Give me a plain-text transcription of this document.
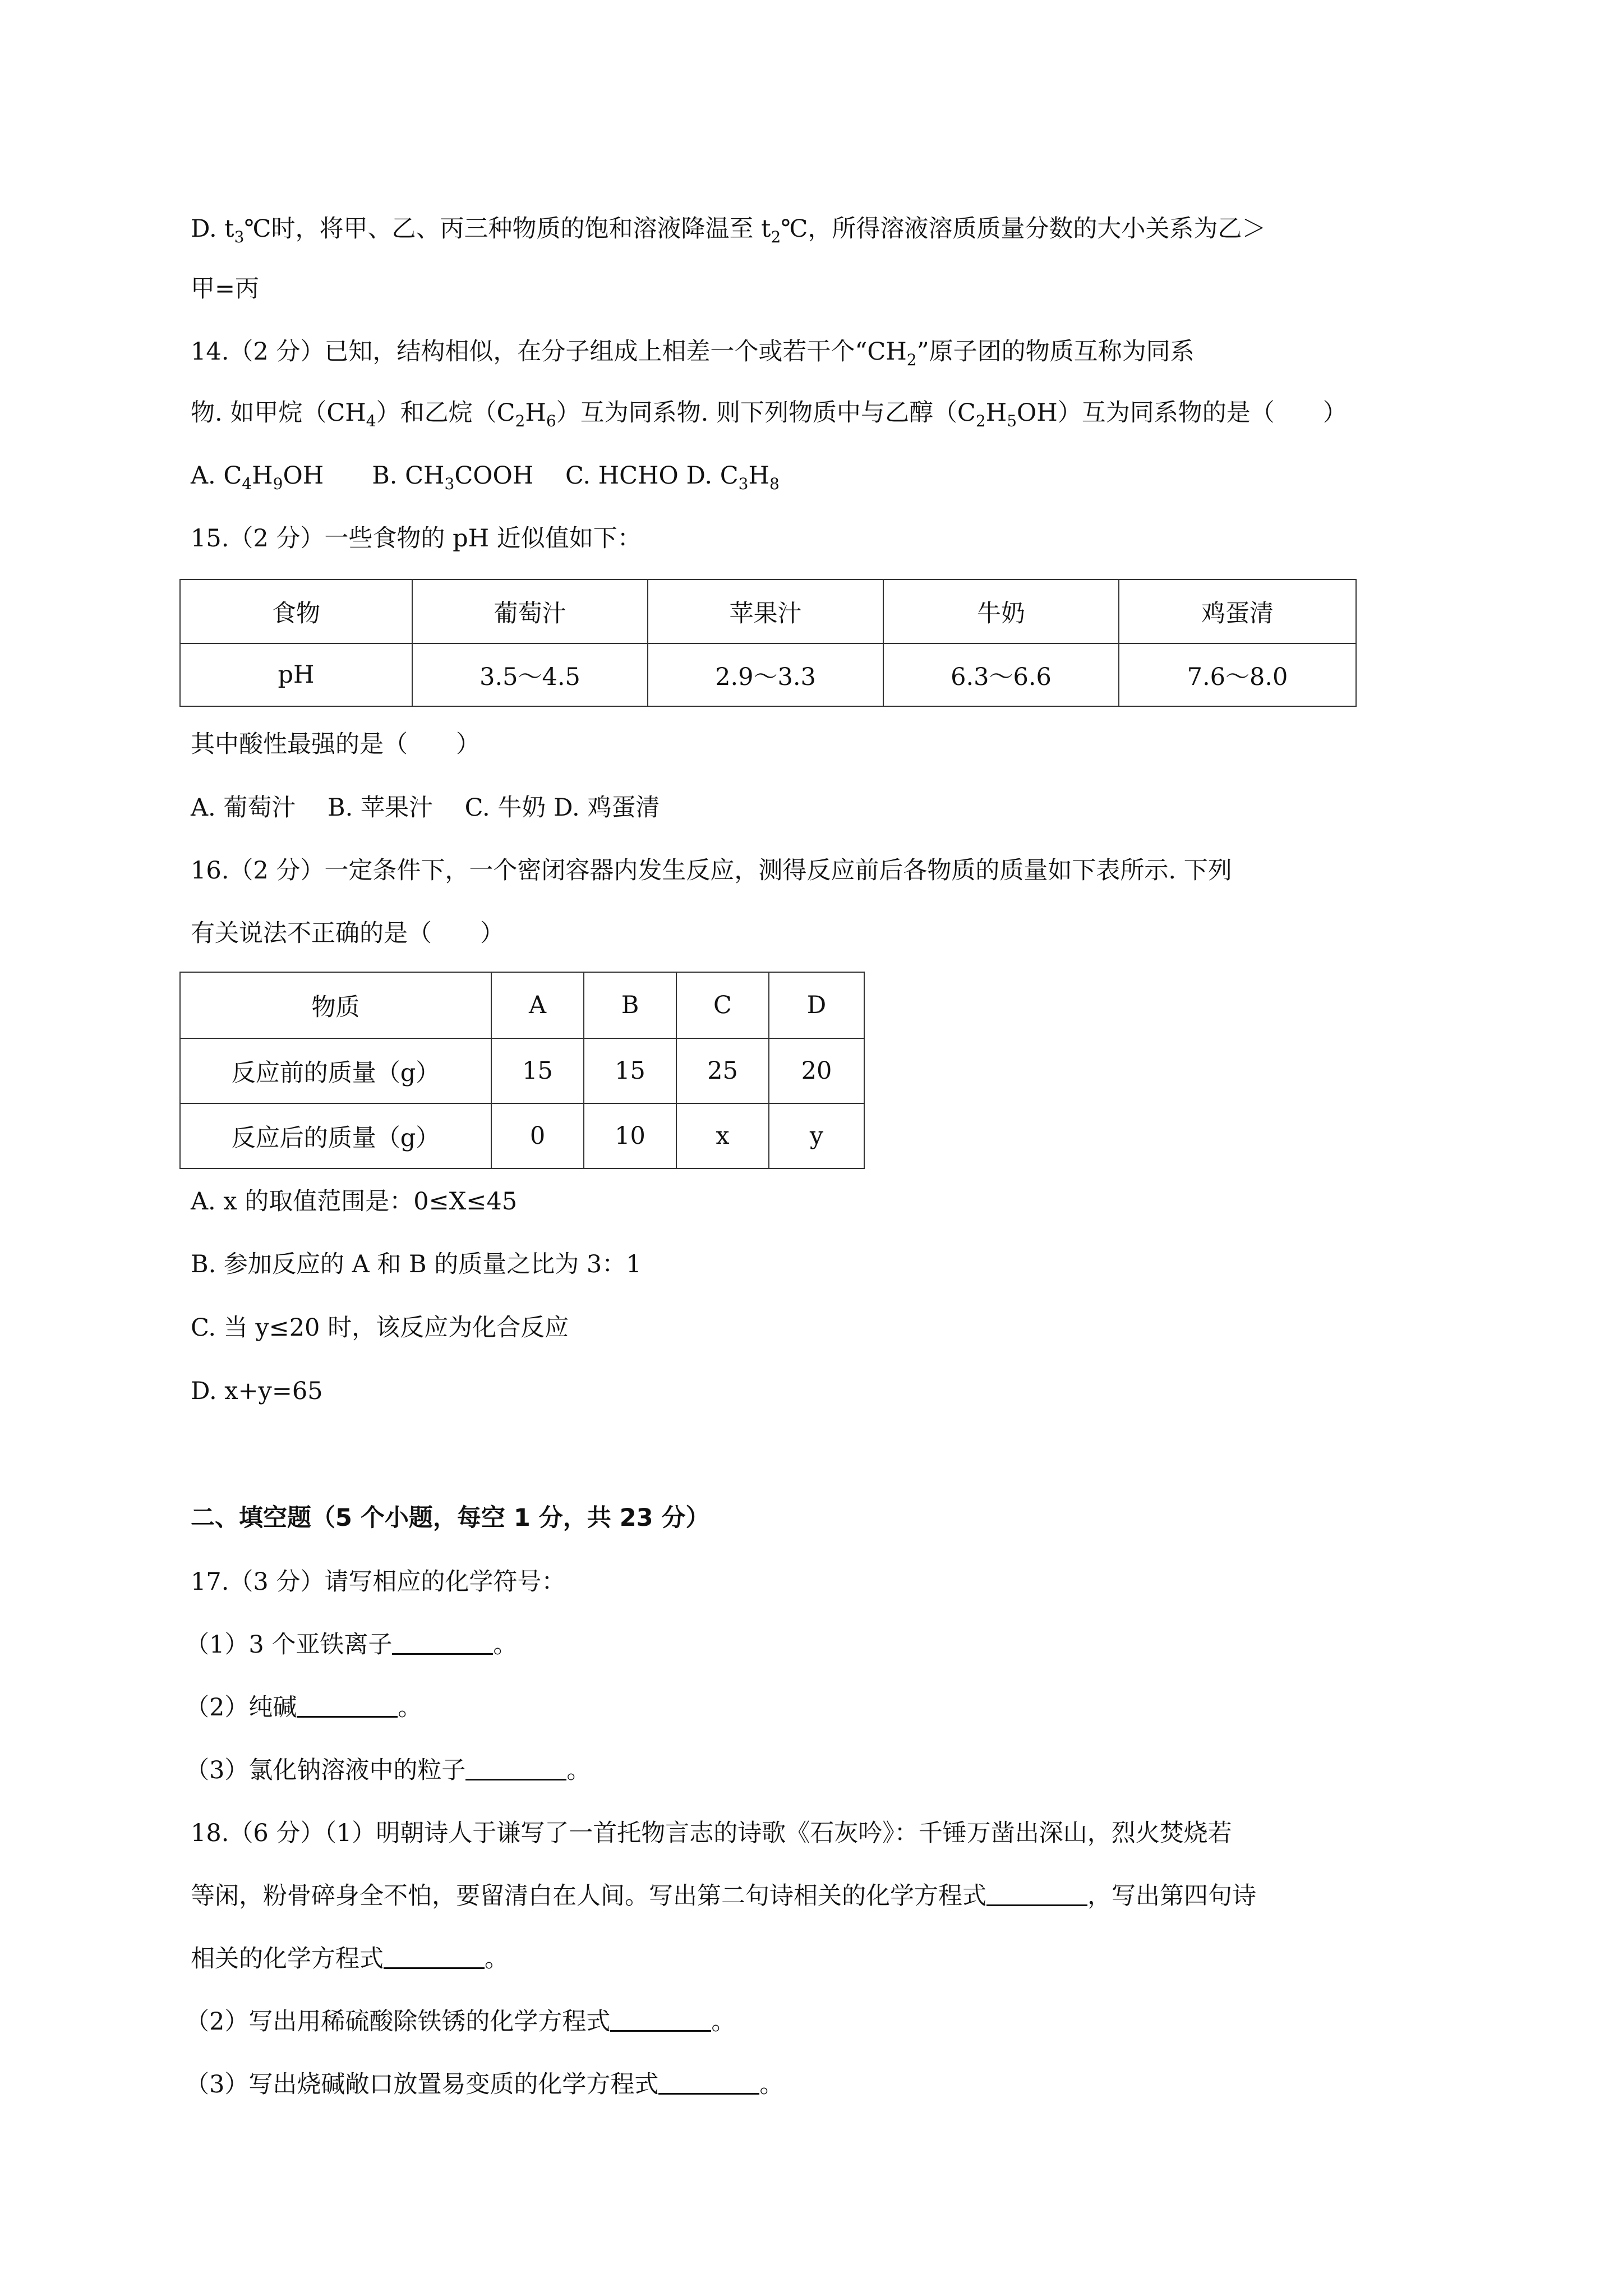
D. $t_3℃$时，将甲、乙、丙三种物质的饱和溶液降温至 $t_2℃$，所得溶液溶质质量分数的大小关系为乙＞
甲=丙
14.（2 分）已知，结构相似，在分子组成上相差一个或若干个“$CH_2$”原子团的物质互称为同系
物. 如甲烷$(CH_4)$和乙烷$(C_2H_6)$互为同系物. 则下列物质中与乙醇$(C_2H_5OH)$互为同系物的是（　　）
A. $C_4H_9OH$　　B. $CH_3COOH$　 C. HCHO D. $C_3H_8$
15.（2 分）一些食物的 pH 近似值如下：
食物	葡萄汁	苹果汁	牛奶	鸡蛋清
pH	3.5～4.5	2.9～3.3	6.3～6.6	7.6～8.0
其中酸性最强的是（　　）
A. 葡萄汁　 B. 苹果汁　 C. 牛奶 D. 鸡蛋清
16.（2 分）一定条件下，一个密闭容器内发生反应，测得反应前后各物质的质量如下表所示. 下列
有关说法不正确的是（　　）
物质	A	B	C	D
反应前的质量（g）	15	15	25	20
反应后的质量（g）	0	10	x	y
A. x 的取值范围是：0≤X≤45
B. 参加反应的 A 和 B 的质量之比为 3：1
C. 当 y≤20 时，该反应为化合反应
D. x+y=65
二、填空题（5 个小题，每空 1 分，共 23 分）
17.（3 分）请写相应的化学符号：
（1）3 个亚铁离子	。
（2）纯碱	。
（3）氯化钠溶液中的粒子	。
18.（6 分）（1）明朝诗人于谦写了一首托物言志的诗歌《石灰吟》：千锤万凿出深山，烈火焚烧若
等闲，粉骨碎身全不怕，要留清白在人间。写出第二句诗相关的化学方程式	，写出第四句诗
相关的化学方程式	。
（2）写出用稀硫酸除铁锈的化学方程式	。
（3）写出烧碱敞口放置易变质的化学方程式	。
